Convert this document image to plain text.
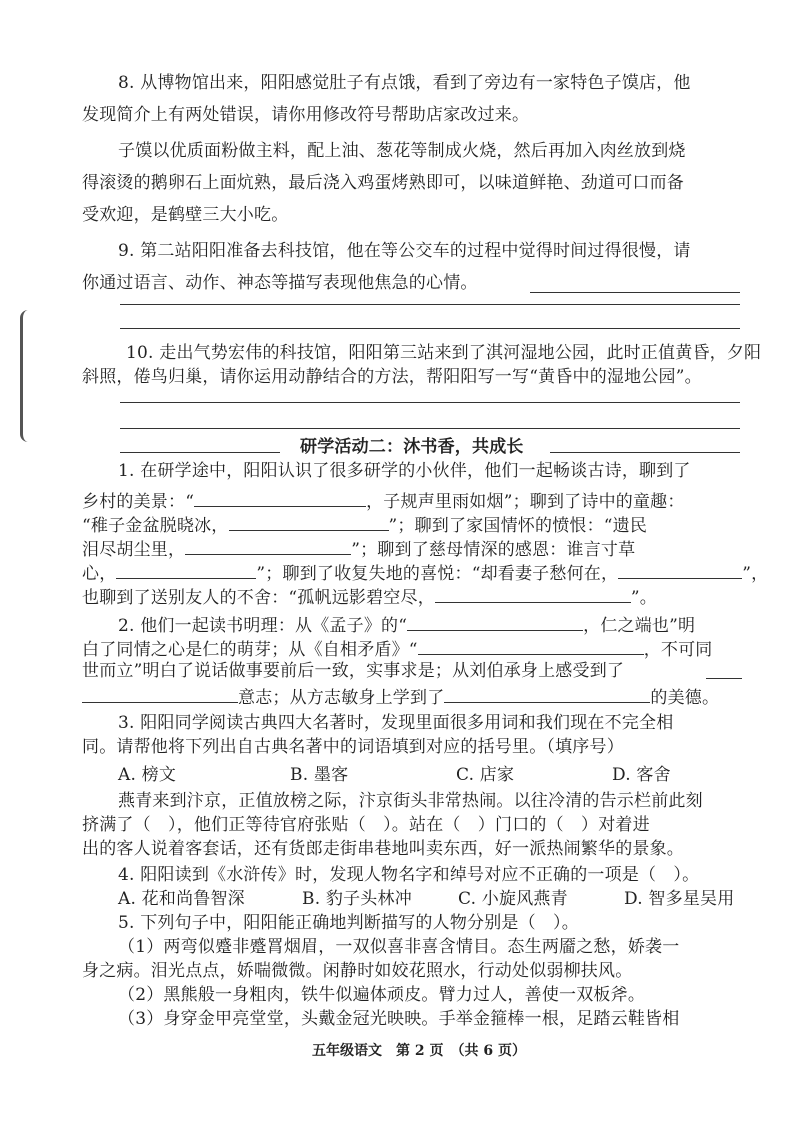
8. 从博物馆出来，阳阳感觉肚子有点饿，看到了旁边有一家特色子馍店，他
发现简介上有两处错误，请你用修改符号帮助店家改过来。
子馍以优质面粉做主料，配上油、葱花等制成火烧，然后再加入肉丝放到烧
得滚烫的鹅卵石上面炕熟，最后浇入鸡蛋烤熟即可，以味道鲜艳、劲道可口而备
受欢迎，是鹤壁三大小吃。
9. 第二站阳阳准备去科技馆，他在等公交车的过程中觉得时间过得很慢，请
你通过语言、动作、神态等描写表现他焦急的心情。
10. 走出气势宏伟的科技馆，阳阳第三站来到了淇河湿地公园，此时正值黄昏，夕阳
斜照，倦鸟归巢，请你运用动静结合的方法，帮阳阳写一写“黄昏中的湿地公园”。
研学活动二：沐书香，共成长
1. 在研学途中，阳阳认识了很多研学的小伙伴，他们一起畅谈古诗，聊到了
乡村的美景：“	，子规声里雨如烟”；聊到了诗中的童趣：
“稚子金盆脱晓冰，	”；聊到了家国情怀的愤恨：“遗民
泪尽胡尘里，	”；聊到了慈母情深的感恩：谁言寸草
心，	”；聊到了收复失地的喜悦：“却看妻子愁何在，	”，
也聊到了送别友人的不舍：“孤帆远影碧空尽，	”。
2. 他们一起读书明理：从《孟子》的“	，仁之端也”明
白了同情之心是仁的萌芽；从《自相矛盾》“	，不可同
世而立”明白了说话做事要前后一致，实事求是；从刘伯承身上感受到了
意志；从方志敏身上学到了	的美德。
3. 阳阳同学阅读古典四大名著时，发现里面很多用词和我们现在不完全相
同。请帮他将下列出自古典名著中的词语填到对应的括号里。（填序号）
A. 榜文	B. 墨客	C. 店家	D. 客舍
燕青来到汴京，正值放榜之际，汴京街头非常热闹。以往冷清的告示栏前此刻
挤满了（　），他们正等待官府张贴（　）。站在（　）门口的（　）对着进
出的客人说着客套话，还有货郎走街串巷地叫卖东西，好一派热闹繁华的景象。
4. 阳阳读到《水浒传》时，发现人物名字和绰号对应不正确的一项是（　）。
A. 花和尚鲁智深	B. 豹子头林冲	C. 小旋风燕青	D. 智多星吴用
5. 下列句子中，阳阳能正确地判断描写的人物分别是（　）。
（1）两弯似蹙非蹙罥烟眉，一双似喜非喜含情目。态生两靥之愁，娇袭一
身之病。泪光点点，娇喘微微。闲静时如姣花照水，行动处似弱柳扶风。
（2）黑熊般一身粗肉，铁牛似遍体顽皮。臂力过人，善使一双板斧。
（3）身穿金甲亮堂堂，头戴金冠光映映。手举金箍棒一根，足踏云鞋皆相
五年级语文　第 2 页　（共 6 页）
